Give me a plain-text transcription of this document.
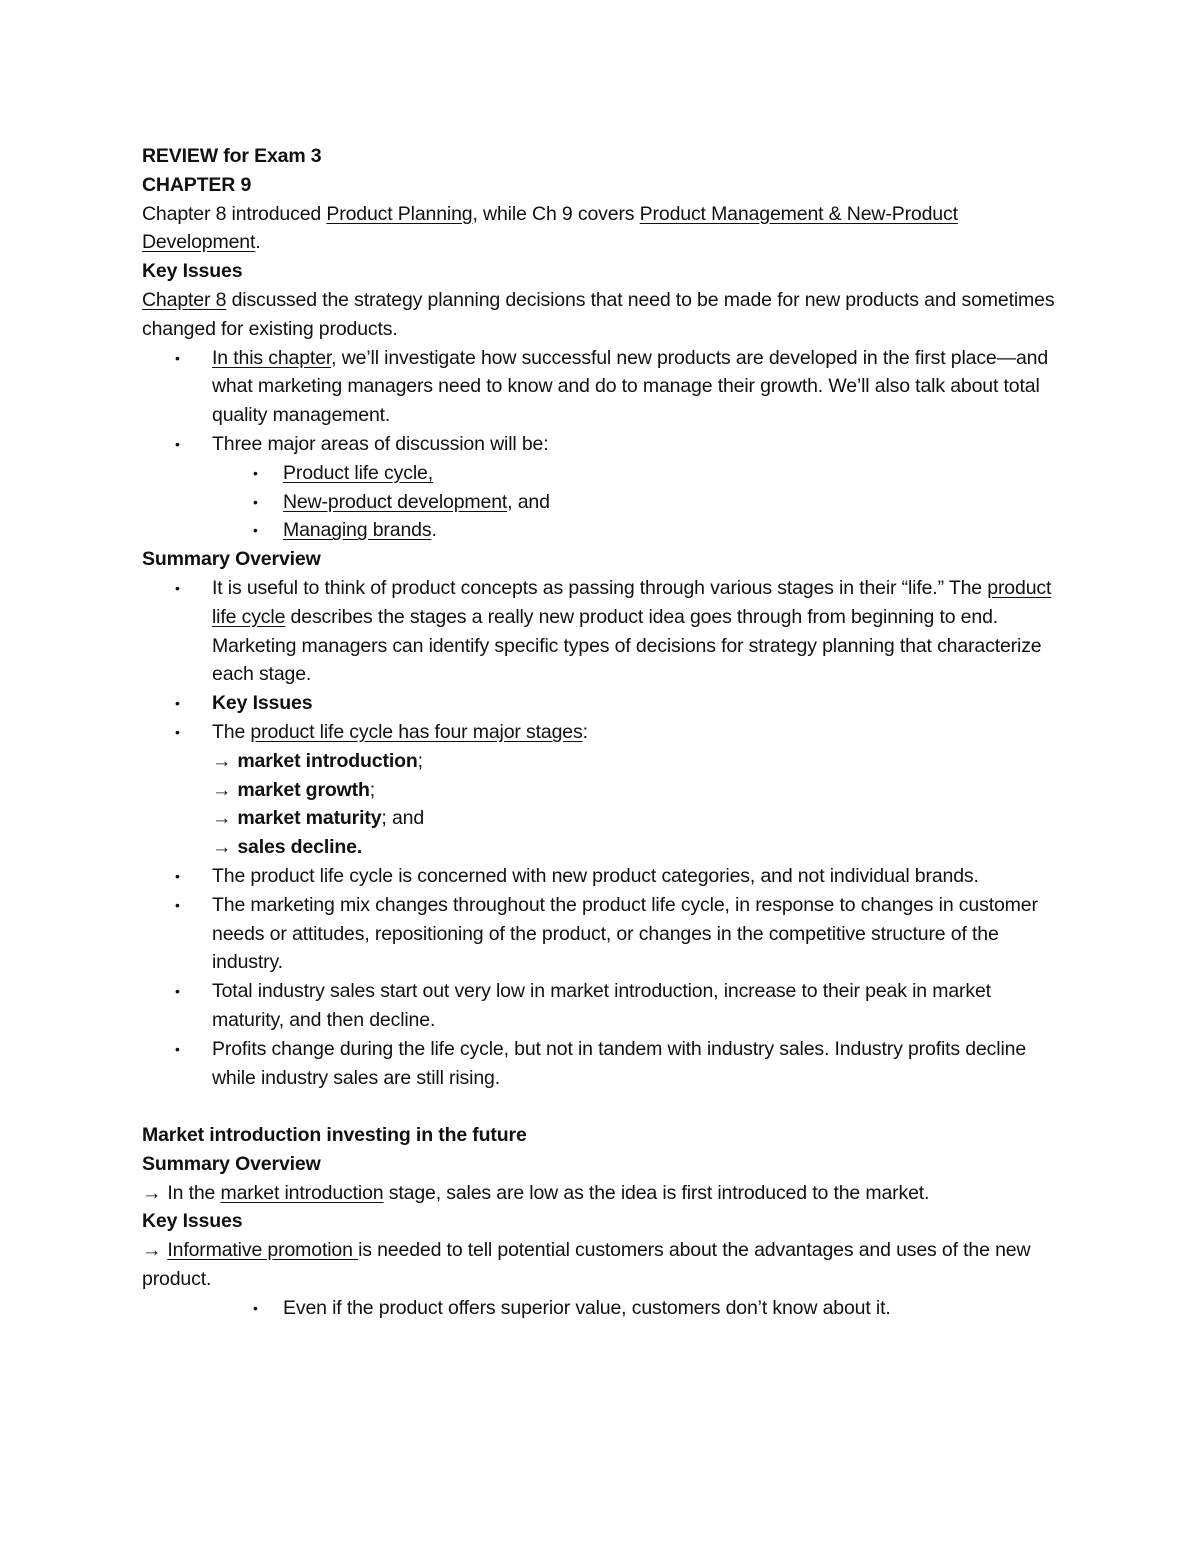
REVIEW for Exam 3

CHAPTER 9

Chapter 8 introduced Product Planning, while Ch 9 covers Product Management & New-Product Development.

Key Issues

Chapter 8 discussed the strategy planning decisions that need to be made for new products and sometimes changed for existing products.

•	In this chapter, we’ll investigate how successful new products are developed in the first place—and what marketing managers need to know and do to manage their growth. We’ll also talk about total quality management.
•	Three major areas of discussion will be:
•	Product life cycle,
•	New-product development, and
•	Managing brands.

Summary Overview

•	It is useful to think of product concepts as passing through various stages in their “life.” The product life cycle describes the stages a really new product idea goes through from beginning to end. Marketing managers can identify specific types of decisions for strategy planning that characterize each stage.
•	Key Issues
•	The product life cycle has four major stages:

→ market introduction;

→ market growth;

→ market maturity; and

→ sales decline.

•	The product life cycle is concerned with new product categories, and not individual brands.
•	The marketing mix changes throughout the product life cycle, in response to changes in customer needs or attitudes, repositioning of the product, or changes in the competitive structure of the industry.
•	Total industry sales start out very low in market introduction, increase to their peak in market maturity, and then decline.
•	Profits change during the life cycle, but not in tandem with industry sales. Industry profits decline while industry sales are still rising.

Market introduction investing in the future

Summary Overview

→ In the market introduction stage, sales are low as the idea is first introduced to the market.

Key Issues

→ Informative promotion is needed to tell potential customers about the advantages and uses of the new product.

•	Even if the product offers superior value, customers don’t know about it.
